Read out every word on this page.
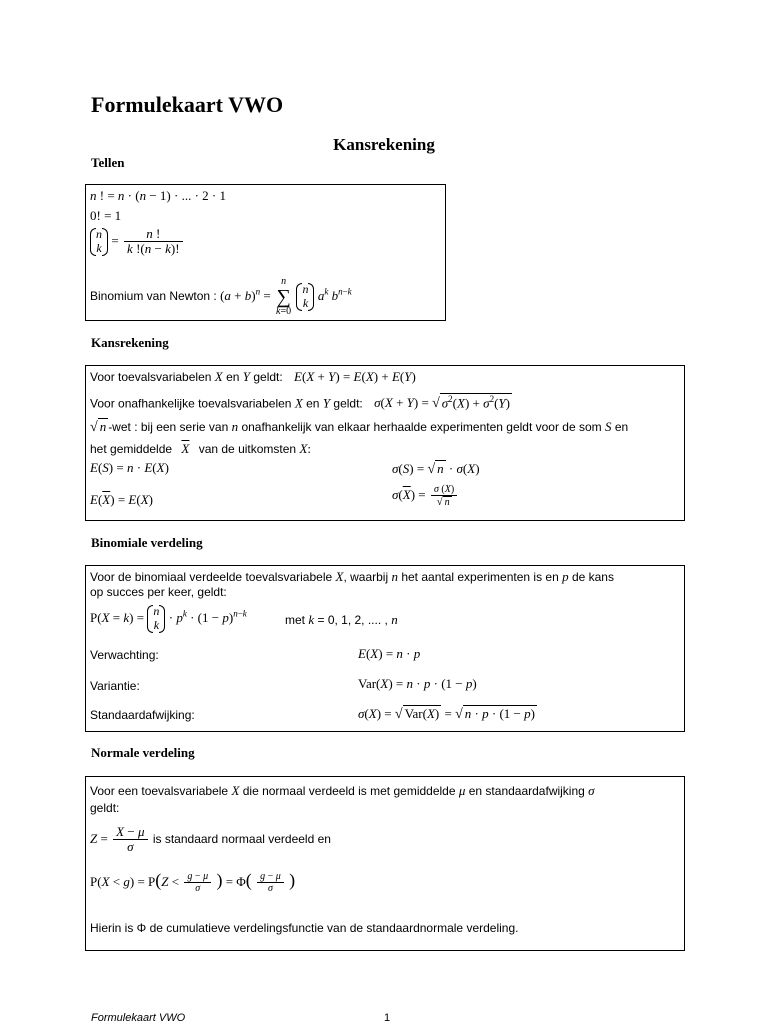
Formulekaart VWO
Kansrekening
Tellen
n ! = n · (n − 1) · ... · 2 · 1
0! = 1
n
$k = \frac{n !}{k !(n - k)!}$
Binomium van Newton : $(a + b)^n = n$
∑
k=0
n
k $a^k$ $b^{n-k}$
Kansrekening
Voor toevalsvariabelen X en Y geldt: E(X + Y) = E(X) + E(Y)
Voor onafhankelijke toevalsvariabelen X en Y geldt: σ(X + Y) = √ $\sigma^2(X) + \sigma^2(Y)$
√ n -wet : bij een serie van n onafhankelijk van elkaar herhaalde experimenten geldt voor de som S en
het gemiddelde $\overline{X}$ van de uitkomsten X:
E(S) = n · E(X)	σ(S) = √ n · σ(X)
$E(\overline{X}) = E(X)$	$\sigma(\overline{X}) = \frac{\sigma (X)}{√ n}$
Binomiale verdeling
Voor de binomiaal verdeelde toevalsvariabele X, waarbij n het aantal experimenten is en p de kans
op succes per keer, geldt:
P(X = k) = n
$k \cdot p^k \cdot (1 - p)^{n-k}$	met k = 0, 1, 2, .... , n
Verwachting:	E(X) = n · p
Variantie:	Var(X) = n · p · (1 − p)
Standaardafwijking:	σ(X) = √ Var(X) = √ n · p · (1 − p)
Normale verdeling
Voor een toevalsvariabele X die normaal verdeeld is met gemiddelde μ en standaardafwijking σ
geldt:
$Z = \frac{X - \mu}{\sigma}$ is standaard normaal verdeeld en
$P(X < g) = P(Z < \frac{g - \mu}{\sigma}$ ) = $\Phi( \frac{g - \mu}{\sigma}$ )
Hierin is Φ de cumulatieve verdelingsfunctie van de standaardnormale verdeling.
Formulekaart VWO	1
